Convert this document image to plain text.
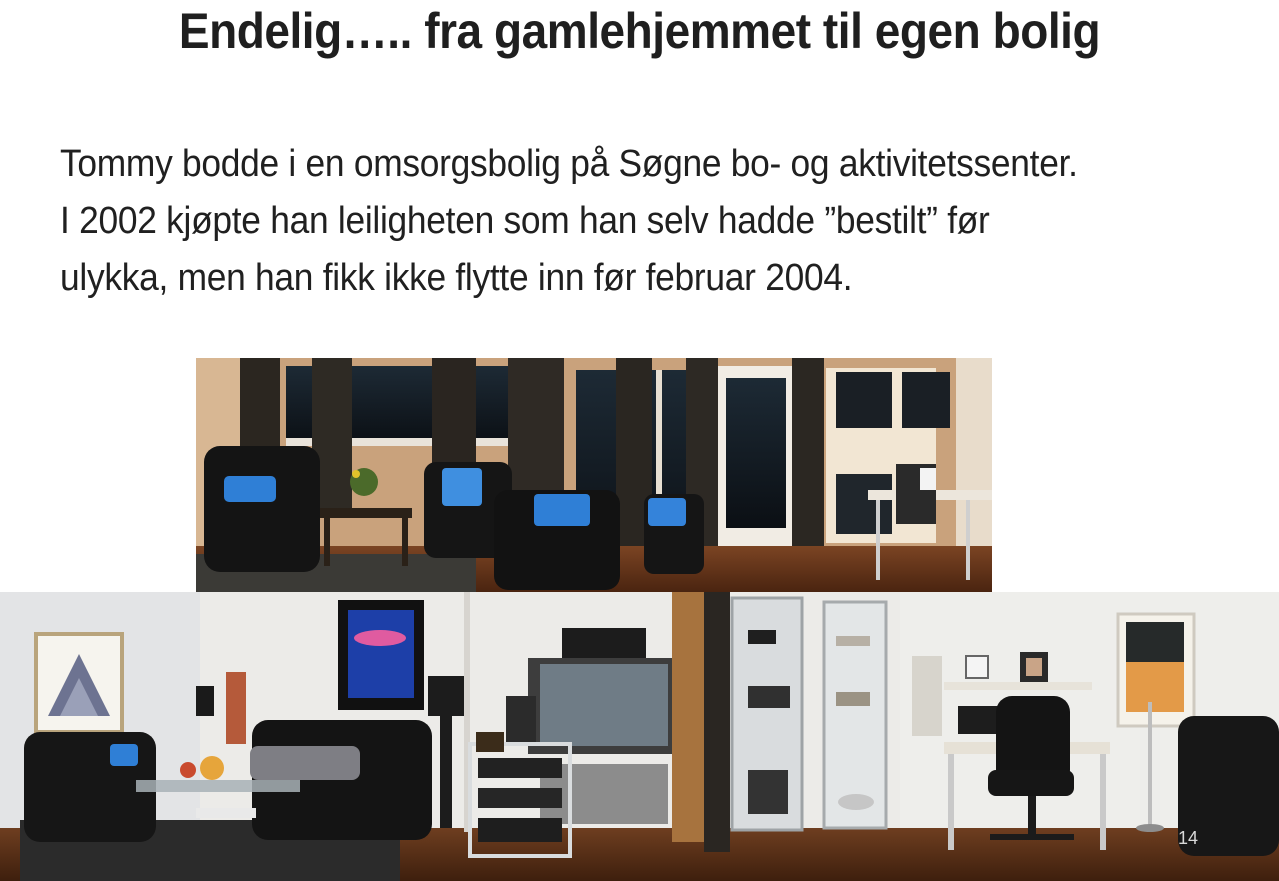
Endelig….. fra gamlehjemmet til egen bolig
Tommy bodde i en omsorgsbolig på Søgne bo- og aktivitetssenter.
I 2002 kjøpte han leiligheten som han selv hadde ”bestilt” før
ulykka, men han fikk ikke flytte inn før februar 2004.
14
